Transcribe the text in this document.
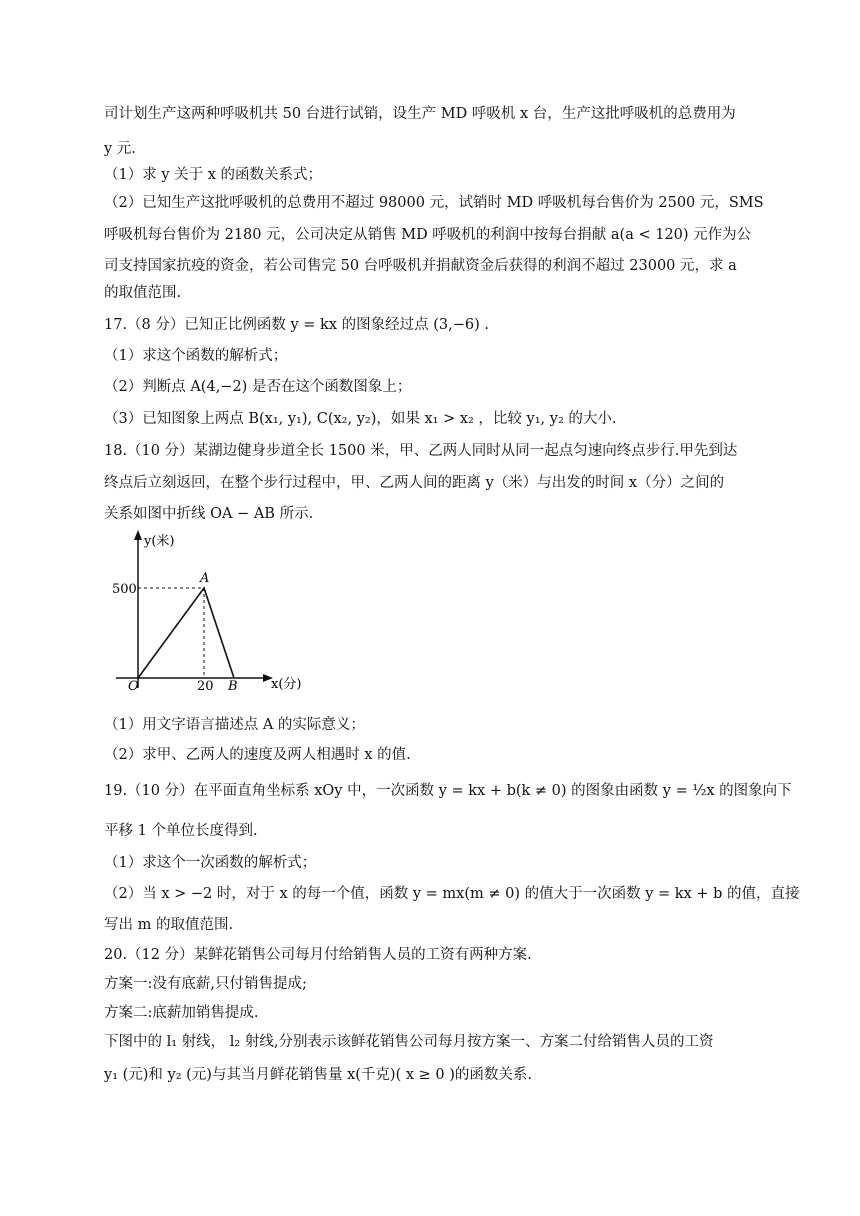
司计划生产这两种呼吸机共 50 台进行试销，设生产 MD 呼吸机 x 台，生产这批呼吸机的总费用为
y 元.
（1）求 y 关于 x 的函数关系式；
（2）已知生产这批呼吸机的总费用不超过 98000 元，试销时 MD 呼吸机每台售价为 2500 元，SMS
呼吸机每台售价为 2180 元，公司决定从销售 MD 呼吸机的利润中按每台捐献 a(a < 120) 元作为公
司支持国家抗疫的资金，若公司售完 50 台呼吸机并捐献资金后获得的利润不超过 23000 元，求 a
的取值范围.
17.（8 分）已知正比例函数 y = kx 的图象经过点 (3,−6) .
（1）求这个函数的解析式；
（2）判断点 A(4,−2) 是否在这个函数图象上；
（3）已知图象上两点 B(x₁, y₁), C(x₂, y₂)，如果 x₁ > x₂ ，比较 y₁, y₂ 的大小.
18.（10 分）某湖边健身步道全长 1500 米，甲、乙两人同时从同一起点匀速向终点步行.甲先到达
终点后立刻返回，在整个步行过程中，甲、乙两人间的距离 y（米）与出发的时间 x（分）之间的
关系如图中折线 OA − AB 所示.
y(米)
x(分)
O
500
20
A
B
（1）用文字语言描述点 A 的实际意义；
（2）求甲、乙两人的速度及两人相遇时 x 的值.
19.（10 分）在平面直角坐标系 xOy 中，一次函数 y = kx + b(k ≠ 0) 的图象由函数 y = ½x 的图象向下
平移 1 个单位长度得到.
（1）求这个一次函数的解析式；
（2）当 x > −2 时，对于 x 的每一个值，函数 y = mx(m ≠ 0) 的值大于一次函数 y = kx + b 的值，直接
写出 m 的取值范围.
20.（12 分）某鲜花销售公司每月付给销售人员的工资有两种方案.
方案一:没有底薪,只付销售提成;
方案二:底薪加销售提成.
下图中的 l₁ 射线， l₂ 射线,分别表示该鲜花销售公司每月按方案一、方案二付给销售人员的工资
y₁ (元)和 y₂ (元)与其当月鲜花销售量 x(千克)( x ≥ 0 )的函数关系.
